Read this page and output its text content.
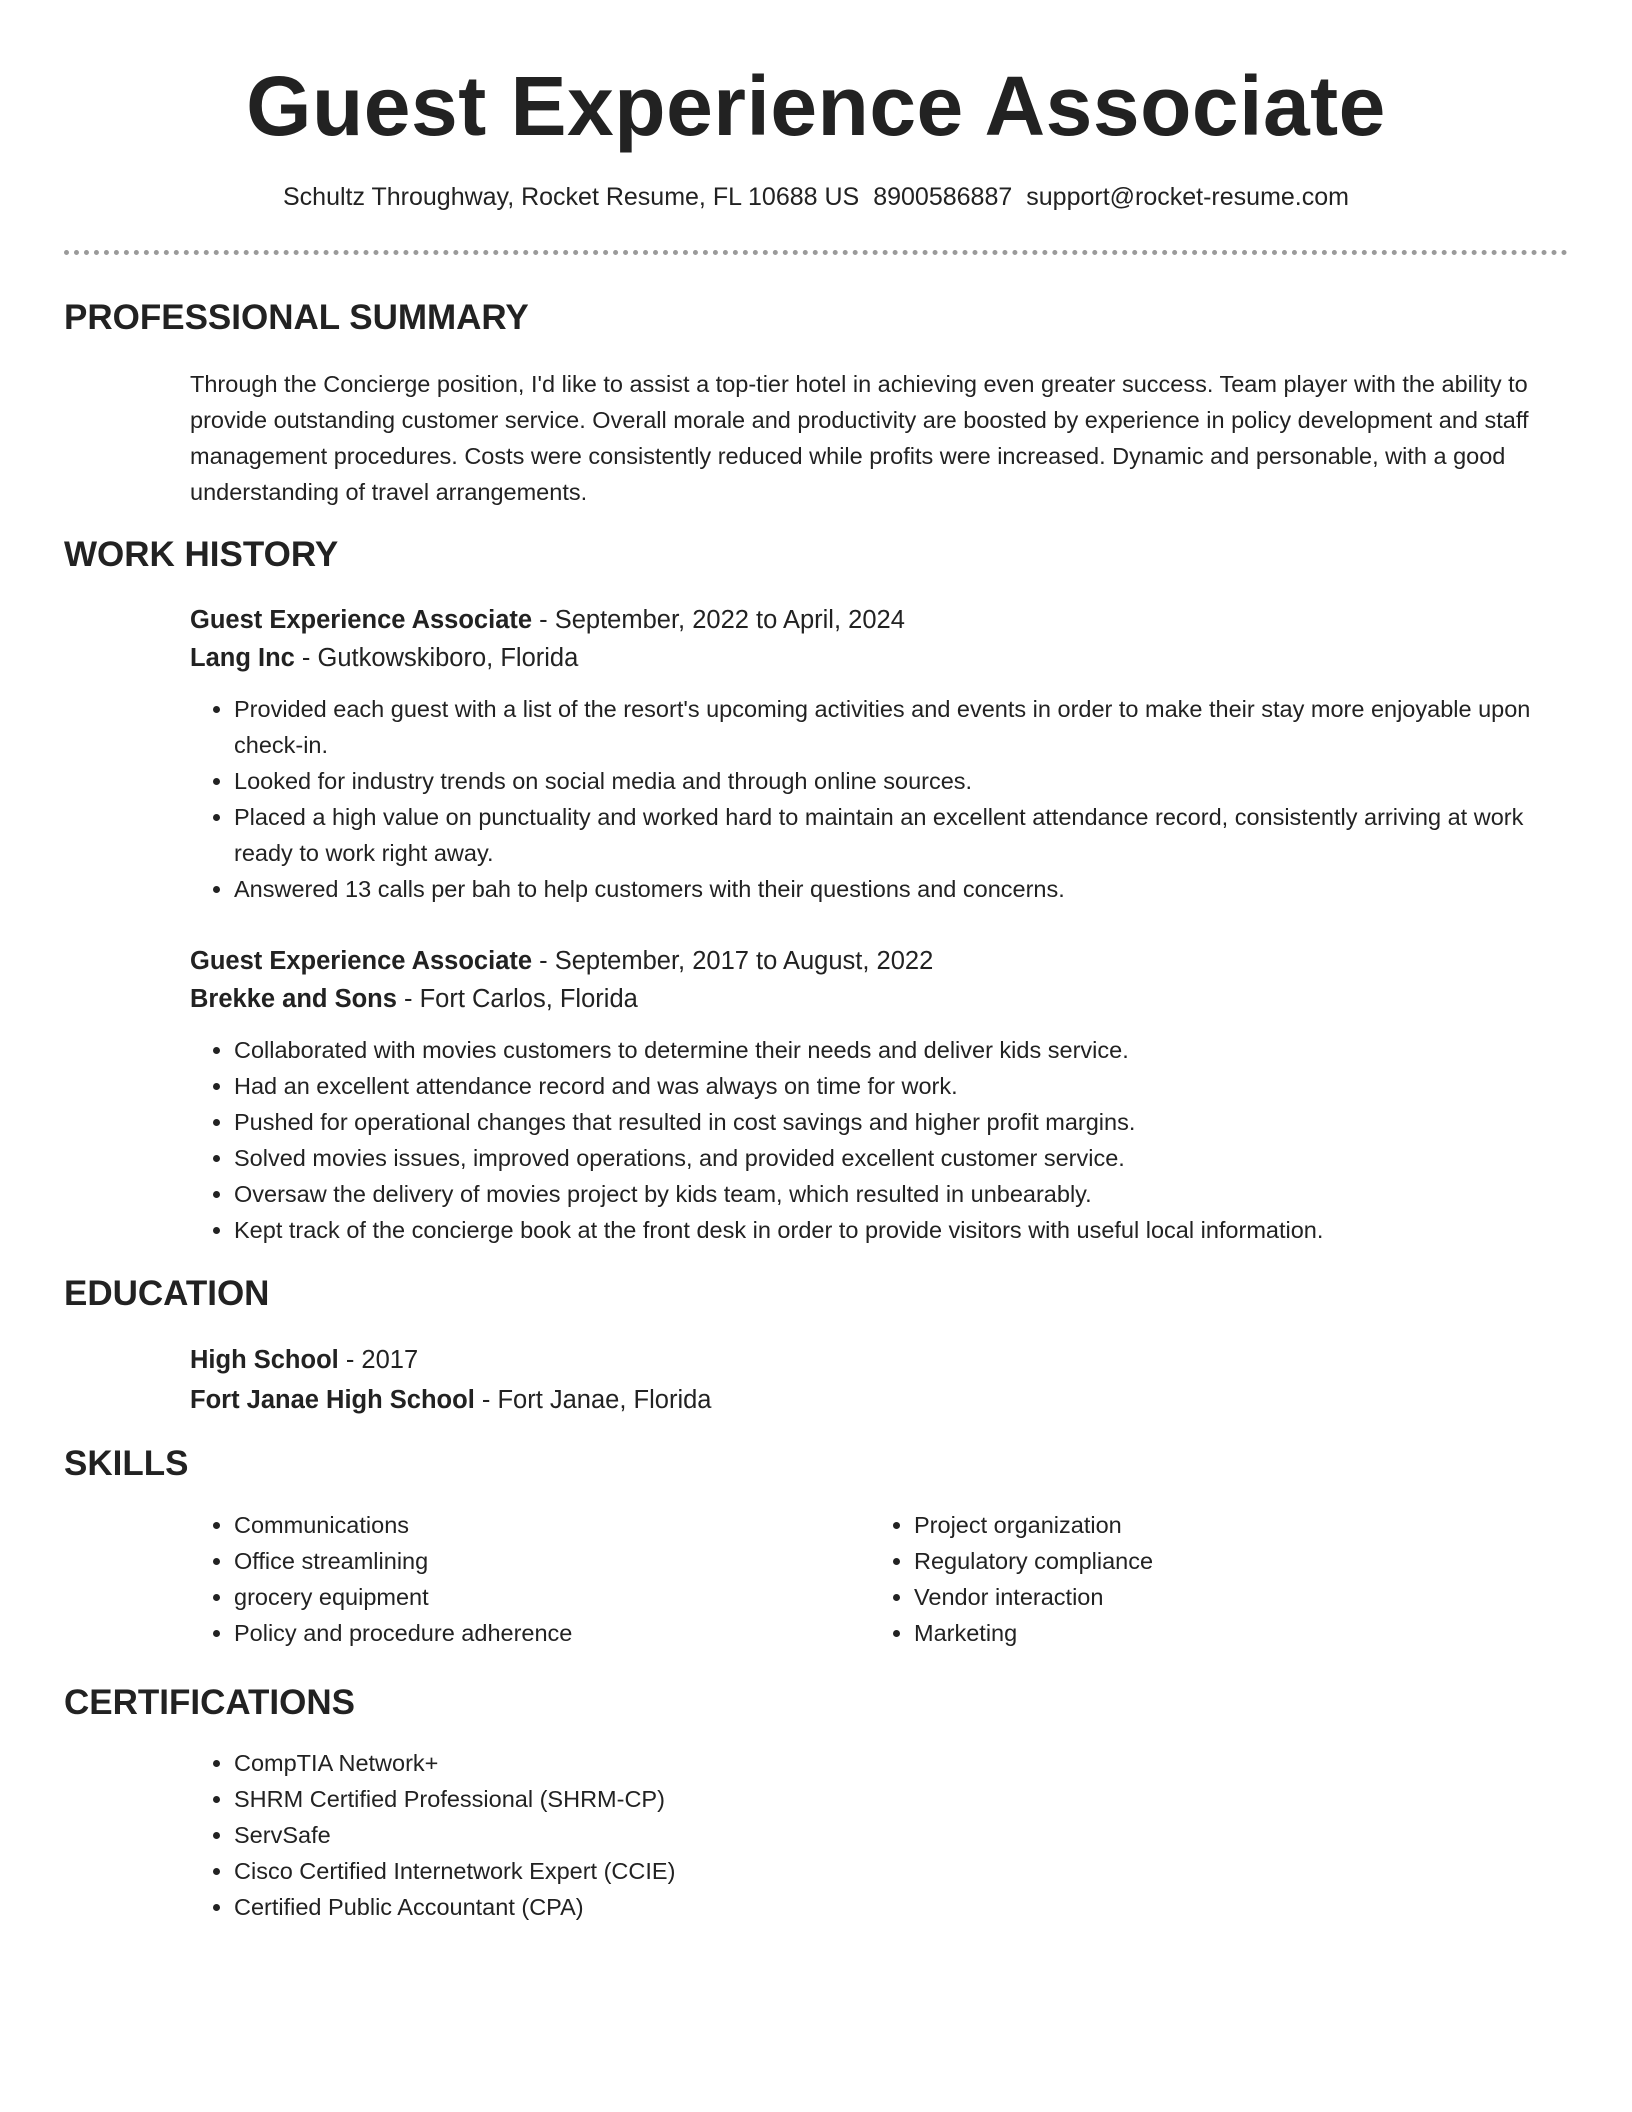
Guest Experience Associate
Schultz Throughway, Rocket Resume, FL 10688 US 8900586887 support@rocket-resume.com
PROFESSIONAL SUMMARY
Through the Concierge position, I'd like to assist a top-tier hotel in achieving even greater success. Team player with the ability to provide outstanding customer service. Overall morale and productivity are boosted by experience in policy development and staff management procedures. Costs were consistently reduced while profits were increased. Dynamic and personable, with a good understanding of travel arrangements.
WORK HISTORY
Guest Experience Associate - September, 2022 to April, 2024
Lang Inc - Gutkowskiboro, Florida
• Provided each guest with a list of the resort's upcoming activities and events in order to make their stay more enjoyable upon check-in.
• Looked for industry trends on social media and through online sources.
• Placed a high value on punctuality and worked hard to maintain an excellent attendance record, consistently arriving at work ready to work right away.
• Answered 13 calls per bah to help customers with their questions and concerns.
Guest Experience Associate - September, 2017 to August, 2022
Brekke and Sons - Fort Carlos, Florida
• Collaborated with movies customers to determine their needs and deliver kids service.
• Had an excellent attendance record and was always on time for work.
• Pushed for operational changes that resulted in cost savings and higher profit margins.
• Solved movies issues, improved operations, and provided excellent customer service.
• Oversaw the delivery of movies project by kids team, which resulted in unbearably.
• Kept track of the concierge book at the front desk in order to provide visitors with useful local information.
EDUCATION
High School - 2017
Fort Janae High School - Fort Janae, Florida
SKILLS
• Communications
• Office streamlining
• grocery equipment
• Policy and procedure adherence
• Project organization
• Regulatory compliance
• Vendor interaction
• Marketing
CERTIFICATIONS
• CompTIA Network+
• SHRM Certified Professional (SHRM-CP)
• ServSafe
• Cisco Certified Internetwork Expert (CCIE)
• Certified Public Accountant (CPA)
